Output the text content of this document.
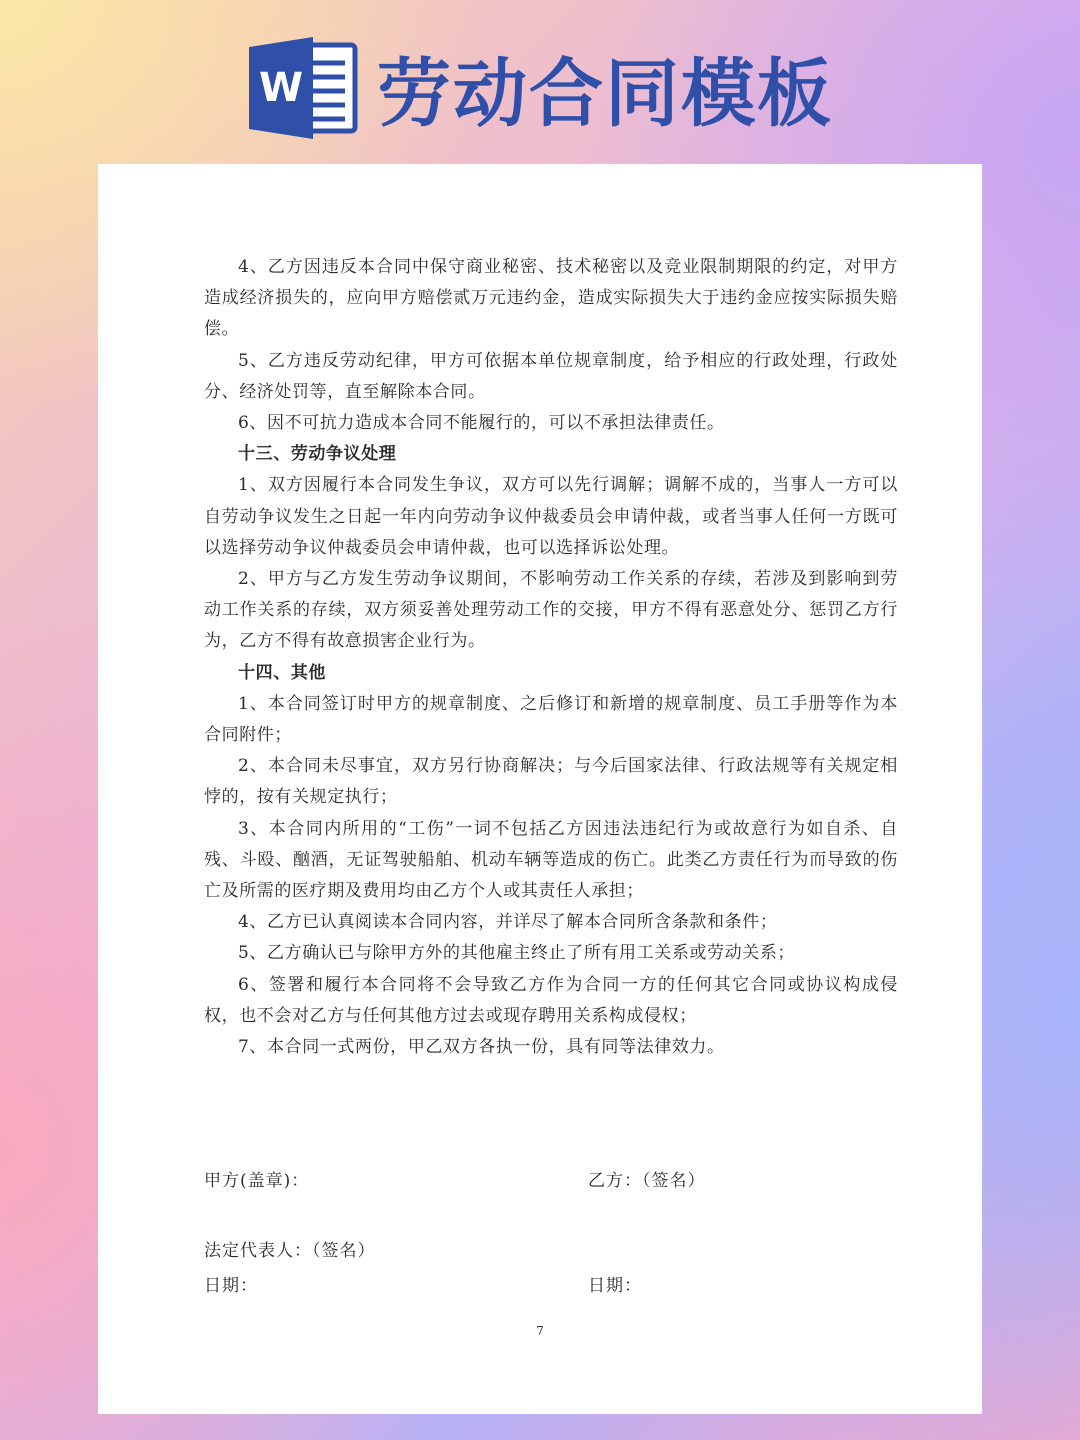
W 劳动合同模板

4、乙方因违反本合同中保守商业秘密、技术秘密以及竞业限制期限的约定，对甲方造成经济损失的，应向甲方赔偿贰万元违约金，造成实际损失大于违约金应按实际损失赔偿。

5、乙方违反劳动纪律，甲方可依据本单位规章制度，给予相应的行政处理，行政处分、经济处罚等，直至解除本合同。

6、因不可抗力造成本合同不能履行的，可以不承担法律责任。

十三、劳动争议处理

1、双方因履行本合同发生争议，双方可以先行调解；调解不成的，当事人一方可以自劳动争议发生之日起一年内向劳动争议仲裁委员会申请仲裁，或者当事人任何一方既可以选择劳动争议仲裁委员会申请仲裁，也可以选择诉讼处理。

2、甲方与乙方发生劳动争议期间，不影响劳动工作关系的存续，若涉及到影响到劳动工作关系的存续，双方须妥善处理劳动工作的交接，甲方不得有恶意处分、惩罚乙方行为，乙方不得有故意损害企业行为。

十四、其他

1、本合同签订时甲方的规章制度、之后修订和新增的规章制度、员工手册等作为本合同附件；

2、本合同未尽事宜，双方另行协商解决；与今后国家法律、行政法规等有关规定相悖的，按有关规定执行；

3、本合同内所用的“工伤”一词不包括乙方因违法违纪行为或故意行为如自杀、自残、斗殴、酗酒，无证驾驶船舶、机动车辆等造成的伤亡。此类乙方责任行为而导致的伤亡及所需的医疗期及费用均由乙方个人或其责任人承担；

4、乙方已认真阅读本合同内容，并详尽了解本合同所含条款和条件；

5、乙方确认已与除甲方外的其他雇主终止了所有用工关系或劳动关系；

6、签署和履行本合同将不会导致乙方作为合同一方的任何其它合同或协议构成侵权，也不会对乙方与任何其他方过去或现存聘用关系构成侵权；

7、本合同一式两份，甲乙双方各执一份，具有同等法律效力。

甲方(盖章)：	乙方：（签名）
法定代表人：（签名）
日期：	日期：
7
